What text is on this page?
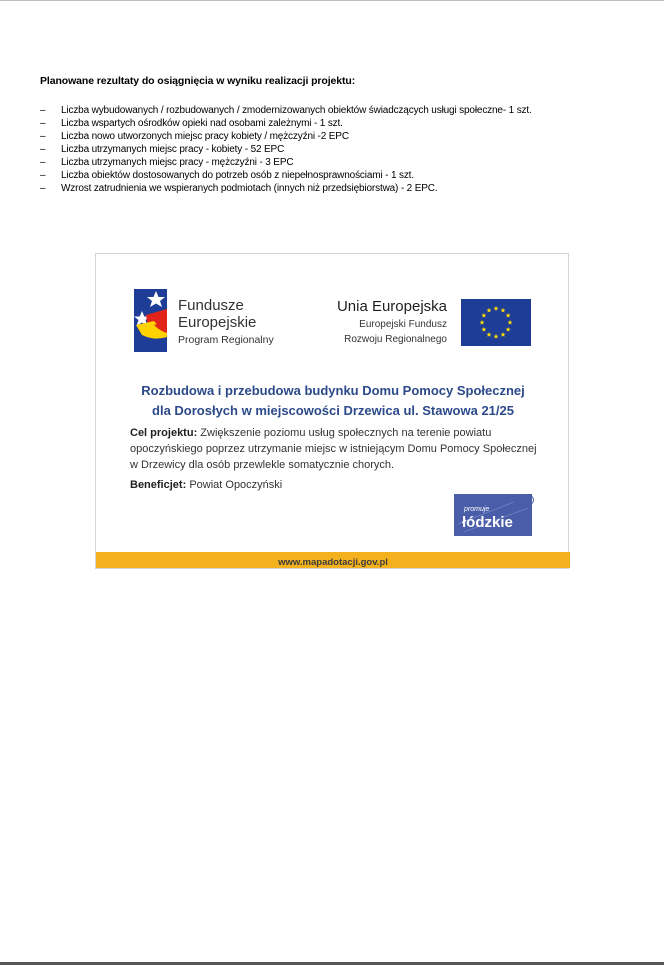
Planowane rezultaty do osiągnięcia w wyniku realizacji projektu:
– Liczba wybudowanych / rozbudowanych / zmodernizowanych obiektów świadczących usługi społeczne- 1 szt.
– Liczba wspartych ośrodków opieki nad osobami zależnymi - 1 szt.
– Liczba nowo utworzonych miejsc pracy kobiety / mężczyźni -2 EPC
– Liczba utrzymanych miejsc pracy - kobiety - 52 EPC
– Liczba utrzymanych miejsc pracy - mężczyźni - 3 EPC
– Liczba obiektów dostosowanych do potrzeb osób z niepełnosprawnościami - 1 szt.
– Wzrost zatrudnienia we wspieranych podmiotach (innych niż przedsiębiorstwa) - 2 EPC.
Fundusze
Europejskie
Program Regionalny
Unia Europejska
Europejski Fundusz
Rozwoju Regionalnego
Rozbudowa i przebudowa budynku Domu Pomocy Społecznej
dla Dorosłych w miejscowości Drzewica ul. Stawowa 21/25
Cel projektu: Zwiększenie poziomu usług społecznych na terenie powiatu opoczyńskiego poprzez utrzymanie miejsc w istniejącym Domu Pomocy Społecznej w Drzewicy dla osób przewlekle somatycznie chorych.
Beneficjet: Powiat Opoczyński
promuje
łódzkie
www.mapadotacji.gov.pl
